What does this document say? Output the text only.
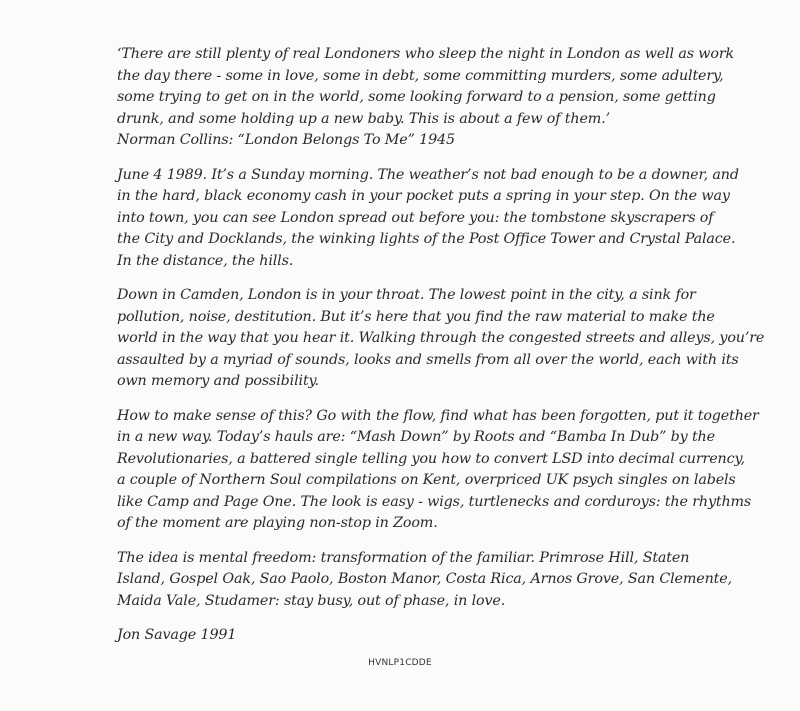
‘There are still plenty of real Londoners who sleep the night in London as well as work
the day there - some in love, some in debt, some committing murders, some adultery,
some trying to get on in the world, some looking forward to a pension, some getting
drunk, and some holding up a new baby. This is about a few of them.’
Norman Collins: “London Belongs To Me” 1945
June 4 1989. It’s a Sunday morning. The weather’s not bad enough to be a downer, and
in the hard, black economy cash in your pocket puts a spring in your step. On the way
into town, you can see London spread out before you: the tombstone skyscrapers of
the City and Docklands, the winking lights of the Post Office Tower and Crystal Palace.
In the distance, the hills.
Down in Camden, London is in your throat. The lowest point in the city, a sink for
pollution, noise, destitution. But it’s here that you find the raw material to make the
world in the way that you hear it. Walking through the congested streets and alleys, you’re
assaulted by a myriad of sounds, looks and smells from all over the world, each with its
own memory and possibility.
How to make sense of this? Go with the flow, find what has been forgotten, put it together
in a new way. Today’s hauls are: “Mash Down” by Roots and “Bamba In Dub” by the
Revolutionaries, a battered single telling you how to convert LSD into decimal currency,
a couple of Northern Soul compilations on Kent, overpriced UK psych singles on labels
like Camp and Page One. The look is easy - wigs, turtlenecks and corduroys: the rhythms
of the moment are playing non-stop in Zoom.
The idea is mental freedom: transformation of the familiar. Primrose Hill, Staten
Island, Gospel Oak, Sao Paolo, Boston Manor, Costa Rica, Arnos Grove, San Clemente,
Maida Vale, Studamer: stay busy, out of phase, in love.
Jon Savage 1991
HVNLP1CDDE
